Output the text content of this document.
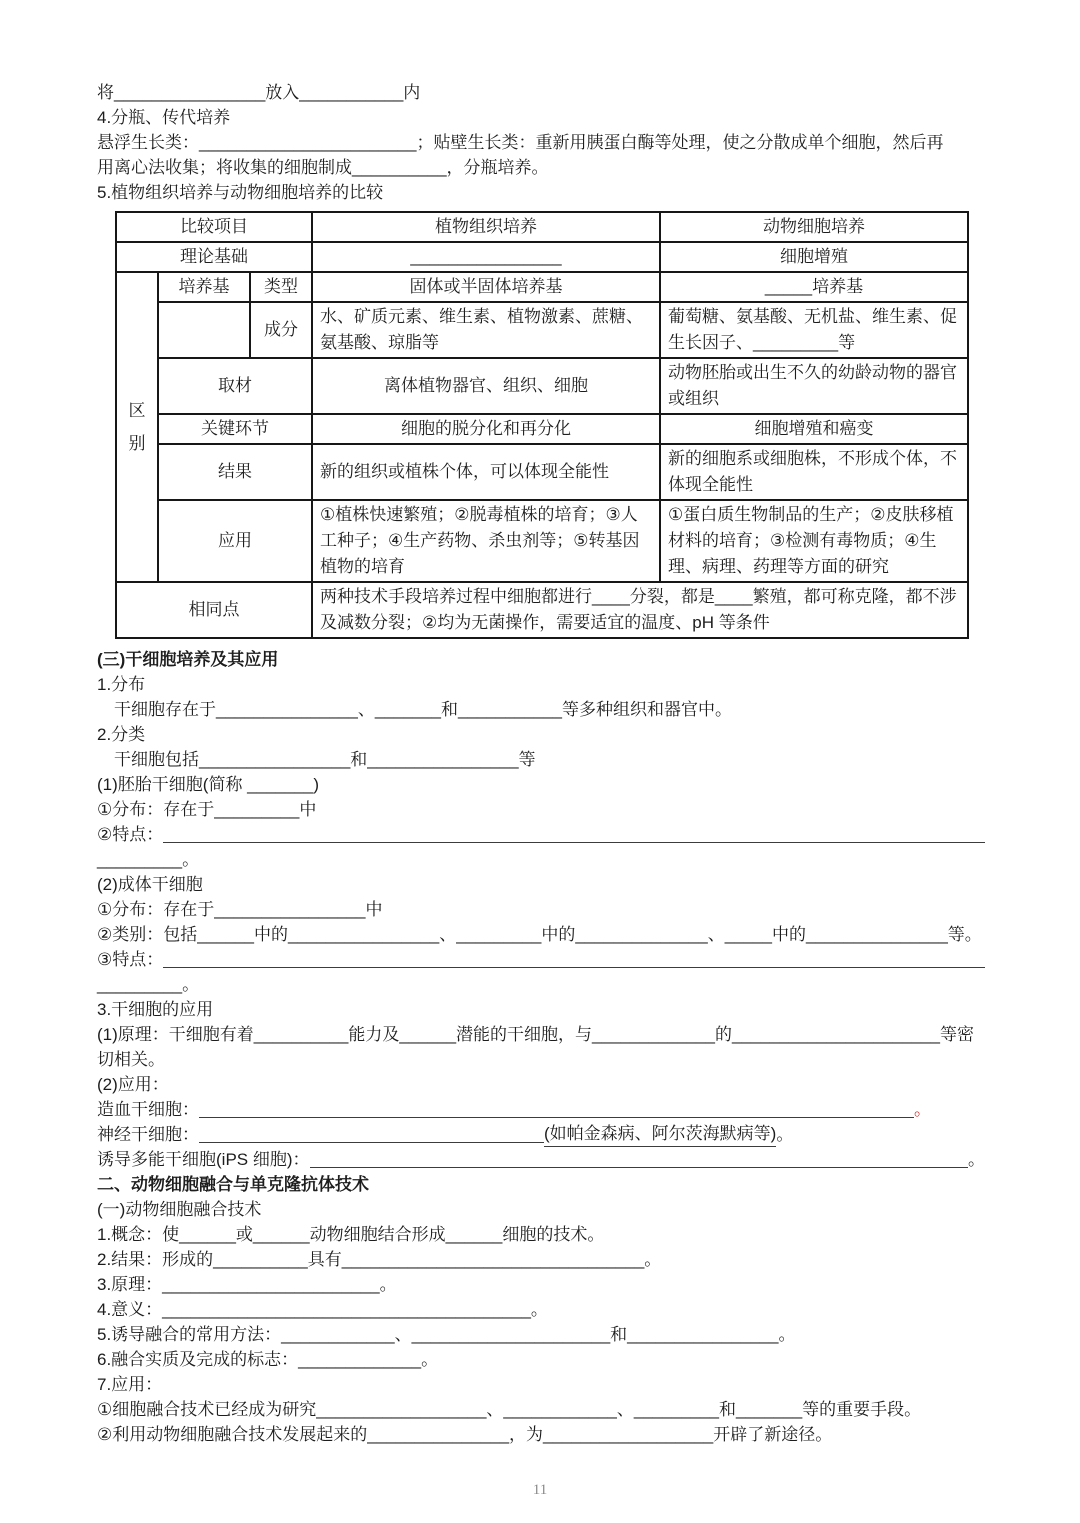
将________________放入___________内
4.分瓶、传代培养
悬浮生长类：_______________________；贴壁生长类：重新用胰蛋白酶等处理，使之分散成单个细胞，然后再
用离心法收集；将收集的细胞制成__________，分瓶培养。
5.植物组织培养与动物细胞培养的比较
比较项目			植物组织培养	动物细胞培养
理论基础			________________	细胞增殖
区别	培养基	类型	固体或半固体培养基	_____培养基
		成分	水、矿质元素、维生素、植物激素、蔗糖、氨基酸、琼脂等	葡萄糖、氨基酸、无机盐、维生素、促生长因子、_________等
	取材		离体植物器官、组织、细胞	动物胚胎或出生不久的幼龄动物的器官或组织
	关键环节		细胞的脱分化和再分化	细胞增殖和癌变
	结果		新的组织或植株个体，可以体现全能性	新的细胞系或细胞株，不形成个体，不体现全能性
	应用		①植株快速繁殖；②脱毒植株的培育；③人工种子；④生产药物、杀虫剂等；⑤转基因植物的培育	①蛋白质生物制品的生产；②皮肤移植材料的培育；③检测有毒物质；④生理、病理、药理等方面的研究
相同点			两种技术手段培养过程中细胞都进行____分裂，都是____繁殖，都可称克隆，都不涉及减数分裂；②均为无菌操作，需要适宜的温度、pH 等条件	
(三)干细胞培养及其应用
1.分布
　干细胞存在于_______________、_______和___________等多种组织和器官中。
2.分类
　干细胞包括________________和________________等
(1)胚胎干细胞(简称 _______)
①分布：存在于_________中
②特点：
_________。
(2)成体干细胞
①分布：存在于________________中
②类别：包括______中的________________、_________中的______________、_____中的_______________等。
③特点：
_________。
3.干细胞的应用
(1)原理：干细胞有着__________能力及______潜能的干细胞，与_____________的______________________等密
切相关。
(2)应用：
造血干细胞：	。
神经干细胞：	(如帕金森病、阿尔茨海默病等) 。
诱导多能干细胞(iPS 细胞)：	。
二、动物细胞融合与单克隆抗体技术
(一)动物细胞融合技术
1.概念：使______或______动物细胞结合形成______细胞的技术。
2.结果：形成的__________具有________________________________。
3.原理：_______________________。
4.意义：_______________________________________。
5.诱导融合的常用方法：____________、_____________________和________________。
6.融合实质及完成的标志：_____________。
7.应用：
①细胞融合技术已经成为研究__________________、____________、_________和_______等的重要手段。
②利用动物细胞融合技术发展起来的_______________，为__________________开辟了新途径。
11
